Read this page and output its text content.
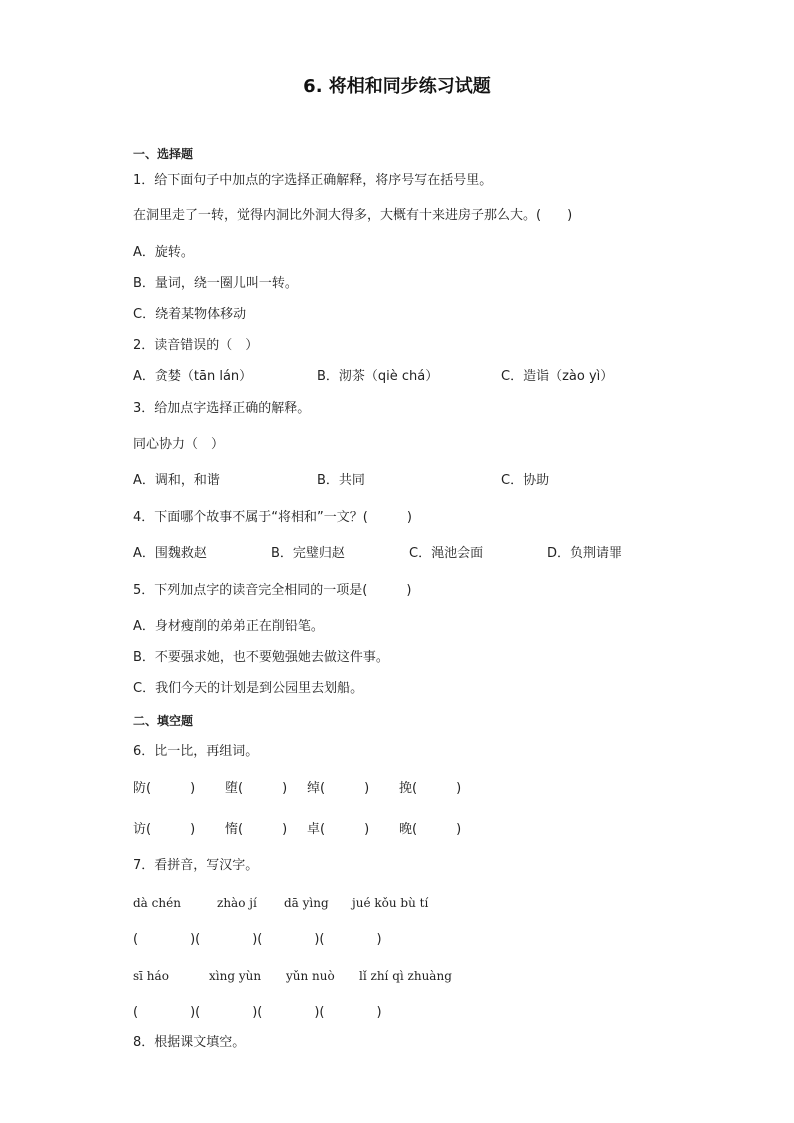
6. 将相和同步练习试题
一、选择题
1．给下面句子中加点的字选择正确解释，将序号写在括号里。
在洞里走了一转，觉得内洞比外洞大得多，大概有十来进房子那么大。(　　)
A．旋转。
B．量词，绕一圈儿叫一转。
C．绕着某物体移动
2．读音错误的（　）
A．贪婪（tān lán）	B．沏茶（qiè chá）	C．造诣（zào yì）
3．给加点字选择正确的解释。
同心协力（　）
A．调和，和谐	B．共同	C．协助
4．下面哪个故事不属于“将相和”一文？(　　　)
A．围魏救赵	B．完璧归赵	C．渑池会面	D．负荆请罪
5．下列加点字的读音完全相同的一项是(　　　)
A．身材瘦削的弟弟正在削铅笔。
B．不要强求她，也不要勉强她去做这件事。
C．我们今天的计划是到公园里去划船。
二、填空题
6．比一比，再组词。
防(　　　) 堕(　　　) 绰(　　　) 挽(　　　)
访(　　　) 惰(　　　) 卓(　　　) 晚(　　　)
7．看拼音，写汉字。
dà chén	zhào jí dā yìng jué kǒu bù tí
(　　　　)(　　　　)(　　　　)(　　　　)
sī háo	xìng yùn yǔn nuò lǐ zhí qì zhuàng
(　　　　)(　　　　)(　　　　)(　　　　)
8．根据课文填空。
